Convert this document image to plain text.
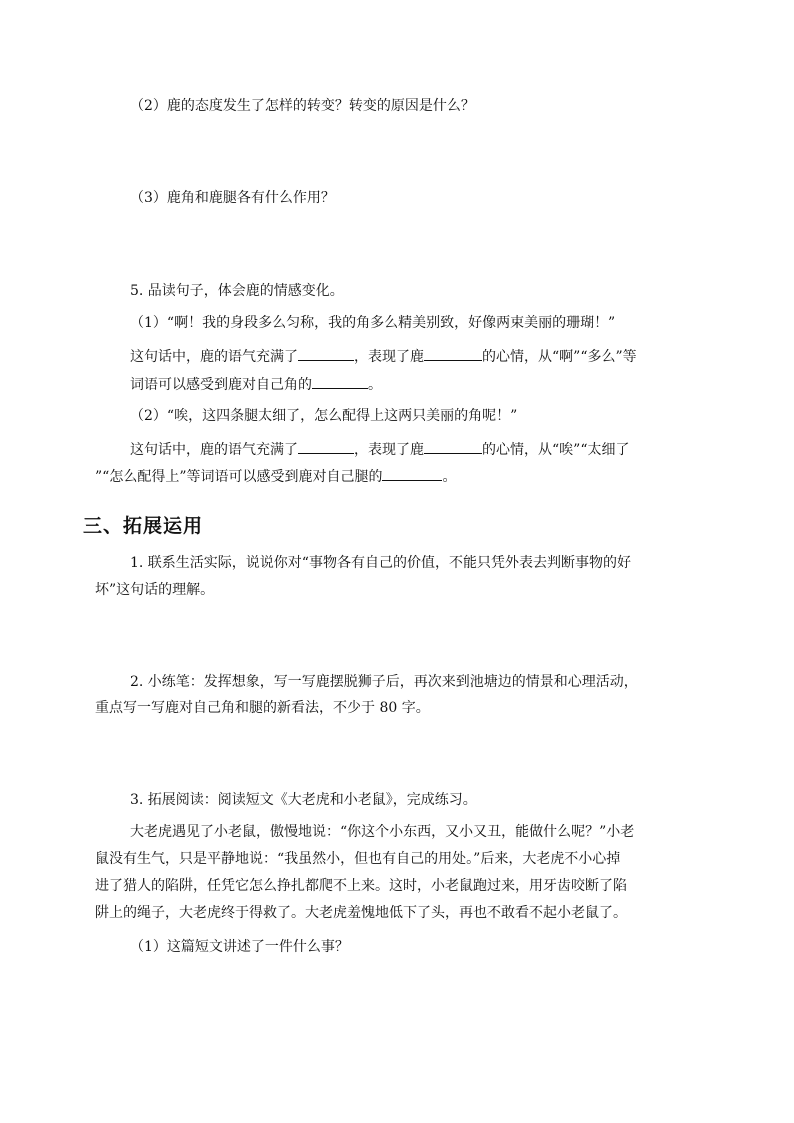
（2）鹿的态度发生了怎样的转变？转变的原因是什么？
（3）鹿角和鹿腿各有什么作用？
5. 品读句子，体会鹿的情感变化。
（1）“啊！我的身段多么匀称，我的角多么精美别致，好像两束美丽的珊瑚！”
这句话中，鹿的语气充满了	，表现了鹿	的心情，从“啊”“多么”等
词语可以感受到鹿对自己角的	。
（2）“唉，这四条腿太细了，怎么配得上这两只美丽的角呢！”
这句话中，鹿的语气充满了	，表现了鹿	的心情，从“唉”“太细了
”“怎么配得上”等词语可以感受到鹿对自己腿的	。
三、拓展运用
1. 联系生活实际，说说你对“事物各有自己的价值，不能只凭外表去判断事物的好
坏”这句话的理解。
2. 小练笔：发挥想象，写一写鹿摆脱狮子后，再次来到池塘边的情景和心理活动，
重点写一写鹿对自己角和腿的新看法，不少于 80 字。
3. 拓展阅读：阅读短文《大老虎和小老鼠》，完成练习。
大老虎遇见了小老鼠，傲慢地说：“你这个小东西，又小又丑，能做什么呢？”小老
鼠没有生气，只是平静地说：“我虽然小，但也有自己的用处。”后来，大老虎不小心掉
进了猎人的陷阱，任凭它怎么挣扎都爬不上来。这时，小老鼠跑过来，用牙齿咬断了陷
阱上的绳子，大老虎终于得救了。大老虎羞愧地低下了头，再也不敢看不起小老鼠了。
（1）这篇短文讲述了一件什么事？
